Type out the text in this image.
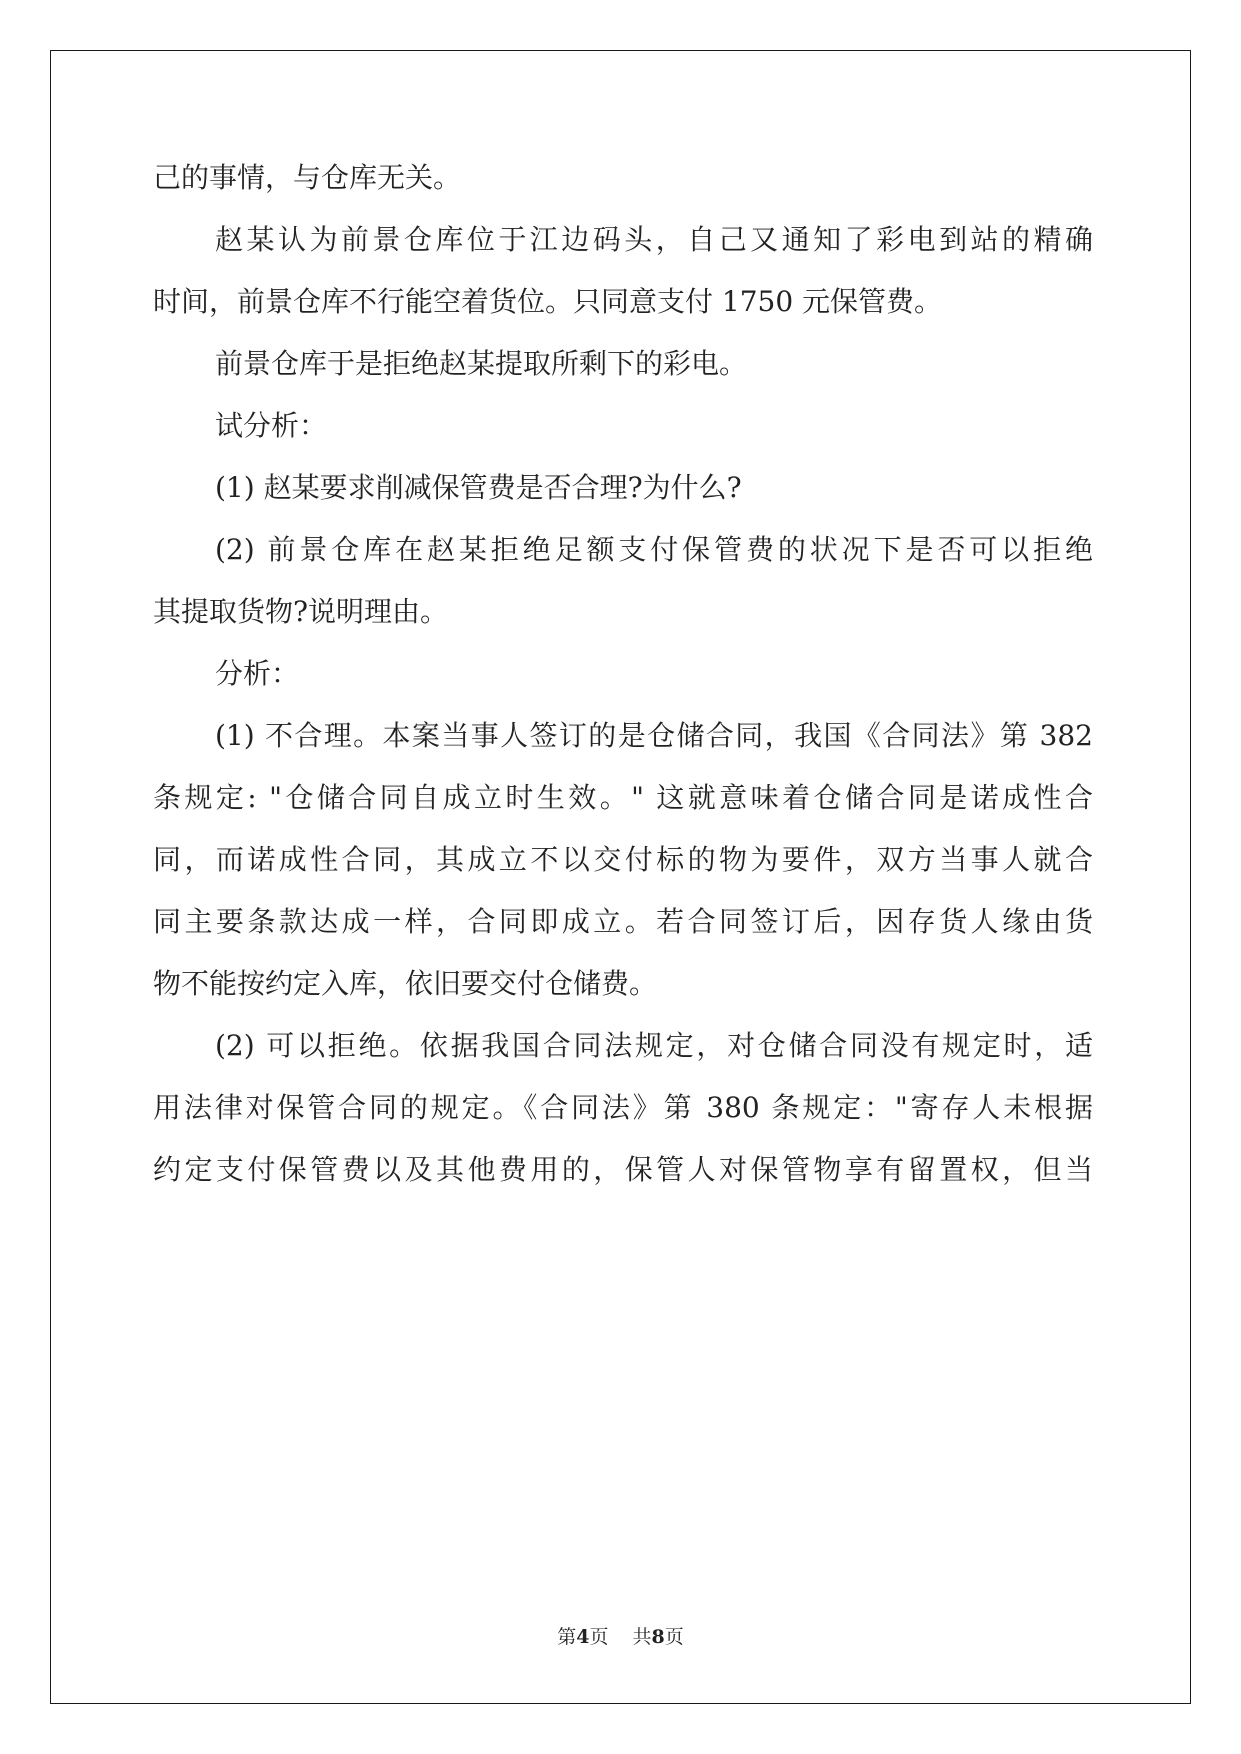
己的事情，与仓库无关。
赵某认为前景仓库位于江边码头，自己又通知了彩电到站的精确
时间，前景仓库不行能空着货位。只同意支付 1750 元保管费。
前景仓库于是拒绝赵某提取所剩下的彩电。
试分析：
(1) 赵某要求削减保管费是否合理?为什么?
(2) 前景仓库在赵某拒绝足额支付保管费的状况下是否可以拒绝
其提取货物?说明理由。
分析：
(1) 不合理。本案当事人签订的是仓储合同，我国《合同法》第 382
条规定: "仓储合同自成立时生效。" 这就意味着仓储合同是诺成性合
同，而诺成性合同，其成立不以交付标的物为要件，双方当事人就合
同主要条款达成一样，合同即成立。若合同签订后，因存货人缘由货
物不能按约定入库，依旧要交付仓储费。
(2) 可以拒绝。依据我国合同法规定，对仓储合同没有规定时，适
用法律对保管合同的规定。《合同法》第 380 条规定："寄存人未根据
约定支付保管费以及其他费用的，保管人对保管物享有留置权，但当
第4页 共8页
